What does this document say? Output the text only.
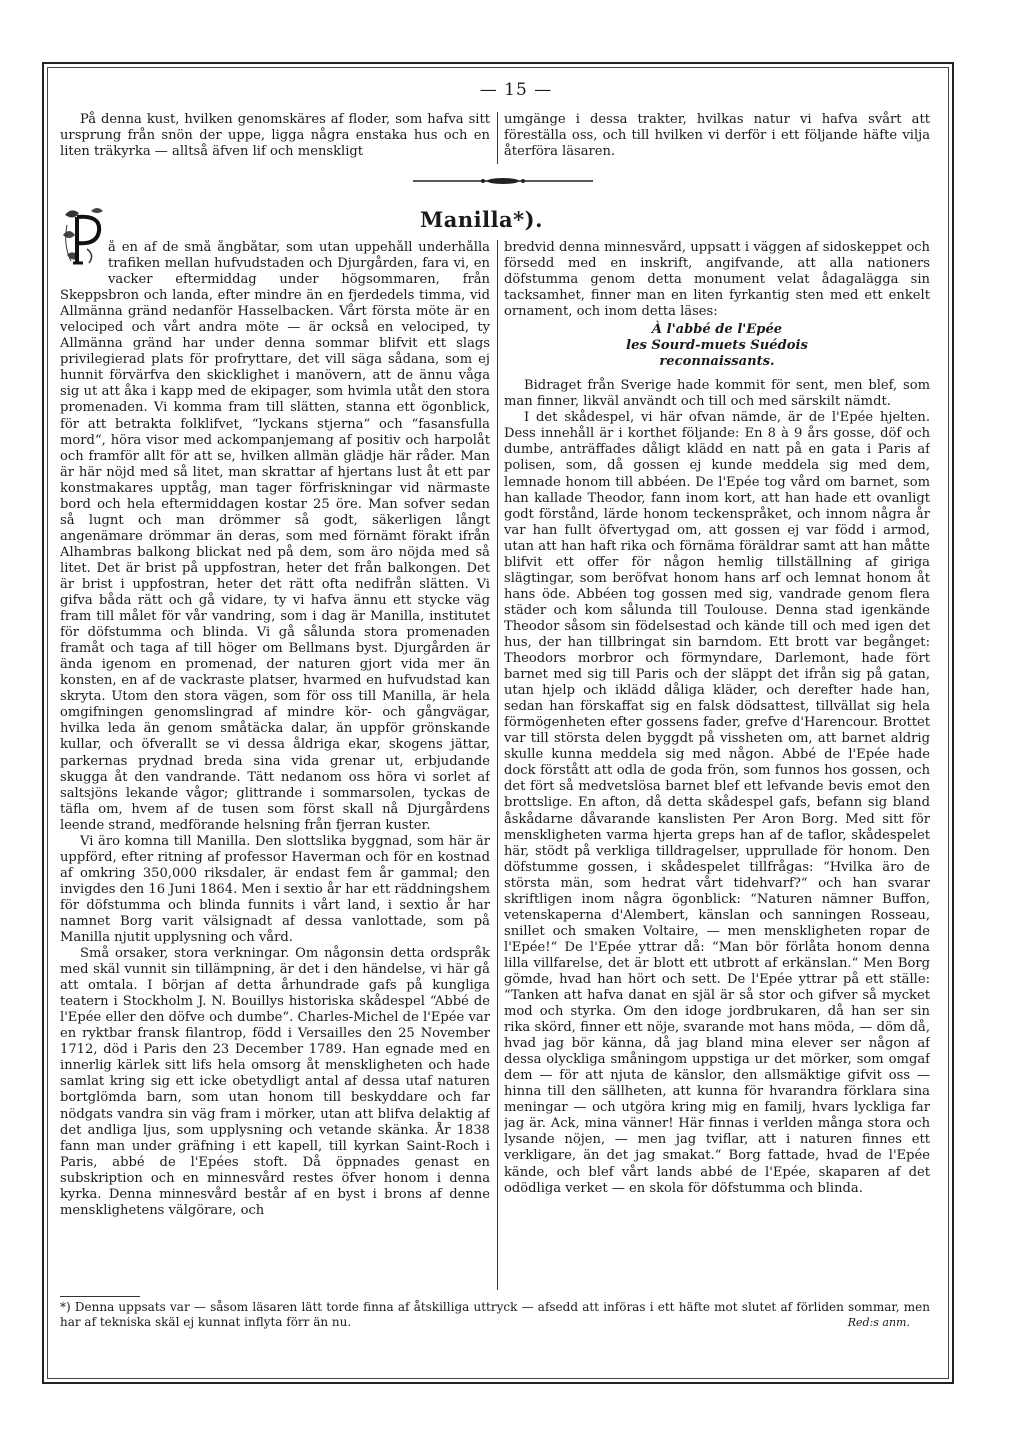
— 15 —

På denna kust, hvilken genomskäres af floder, som hafva sitt ursprung från snön der uppe, ligga några enstaka hus och en liten träkyrka — alltså äfven lif och menskligt

umgänge i dessa trakter, hvilkas natur vi hafva svårt att föreställa oss, och till hvilken vi derför i ett följande häfte vilja återföra läsaren.

Manilla*).

å en af de små ångbåtar, som utan uppehåll underhålla trafiken mellan hufvudstaden och Djurgården, fara vi, en vacker eftermiddag under högsommaren, från Skeppsbron och landa, efter mindre än en fjerdedels timma, vid Allmänna gränd nedanför Hasselbacken. Vårt första möte är en velociped och vårt andra möte — är också en velociped, ty Allmänna gränd har under denna sommar blifvit ett slags privilegierad plats för profryttare, det vill säga sådana, som ej hunnit förvärfva den skicklighet i manövern, att de ännu våga sig ut att åka i kapp med de ekipager, som hvimla utåt den stora promenaden. Vi komma fram till slätten, stanna ett ögonblick, för att betrakta folklifvet, “lyckans stjerna“ och “fasansfulla mord“, höra visor med ackompanjemang af positiv och harpolåt och framför allt för att se, hvilken allmän glädje här råder. Man är här nöjd med så litet, man skrattar af hjertans lust åt ett par konstmakares upptåg, man tager förfriskningar vid närmaste bord och hela eftermiddagen kostar 25 öre. Man sofver sedan så lugnt och man drömmer så godt, säkerligen långt angenämare drömmar än deras, som med förnämt förakt ifrån Alhambras balkong blickat ned på dem, som äro nöjda med så litet. Det är brist på uppfostran, heter det från balkongen. Det är brist i uppfostran, heter det rätt ofta nedifrån slätten. Vi gifva båda rätt och gå vidare, ty vi hafva ännu ett stycke väg fram till målet för vår vandring, som i dag är Manilla, institutet för döfstumma och blinda. Vi gå sålunda stora promenaden framåt och taga af till höger om Bellmans byst. Djurgården är ända igenom en promenad, der naturen gjort vida mer än konsten, en af de vackraste platser, hvarmed en hufvudstad kan skryta. Utom den stora vägen, som för oss till Manilla, är hela omgifningen genomslingrad af mindre kör- och gångvägar, hvilka leda än genom småtäcka dalar, än uppför grönskande kullar, och öfverallt se vi dessa åldriga ekar, skogens jättar, parkernas prydnad breda sina vida grenar ut, erbjudande skugga åt den vandrande. Tätt nedanom oss höra vi sorlet af saltsjöns lekande vågor; glittrande i sommarsolen, tyckas de täfla om, hvem af de tusen som först skall nå Djurgårdens leende strand, medförande helsning från fjerran kuster.

Vi äro komna till Manilla. Den slottslika byggnad, som här är uppförd, efter ritning af professor Haverman och för en kostnad af omkring 350,000 riksdaler, är endast fem år gammal; den invigdes den 16 Juni 1864. Men i sextio år har ett räddningshem för döfstumma och blinda funnits i vårt land, i sextio år har namnet Borg varit välsignadt af dessa vanlottade, som på Manilla njutit upplysning och vård.

Små orsaker, stora verkningar. Om någonsin detta ordspråk med skäl vunnit sin tillämpning, är det i den händelse, vi här gå att omtala. I början af detta århundrade gafs på kungliga teatern i Stockholm J. N. Bouillys historiska skådespel “Abbé de l'Epée eller den döfve och dumbe“. Charles-Michel de l'Epée var en ryktbar fransk filantrop, född i Versailles den 25 November 1712, död i Paris den 23 December 1789. Han egnade med en innerlig kärlek sitt lifs hela omsorg åt menskligheten och hade samlat kring sig ett icke obetydligt antal af dessa utaf naturen bortglömda barn, som utan honom till beskyddare och far nödgats vandra sin väg fram i mörker, utan att blifva delaktig af det andliga ljus, som upplysning och vetande skänka. År 1838 fann man under gräfning i ett kapell, till kyrkan Saint-Roch i Paris, abbé de l'Epées stoft. Då öppnades genast en subskription och en minnesvård restes öfver honom i denna kyrka. Denna minnesvård består af en byst i brons af denne mensklighetens välgörare, och

bredvid denna minnesvård, uppsatt i väggen af sidoskeppet och försedd med en inskrift, angifvande, att alla nationers döfstumma genom detta monument velat ådagalägga sin tacksamhet, finner man en liten fyrkantig sten med ett enkelt ornament, och inom detta läses:

À l'abbé de l'Epée
les Sourd-muets Suédois
reconnaissants.

Bidraget från Sverige hade kommit för sent, men blef, som man finner, likväl användt och till och med särskilt nämdt.

I det skådespel, vi här ofvan nämde, är de l'Epée hjelten. Dess innehåll är i korthet följande: En 8 à 9 års gosse, döf och dumbe, anträffades dåligt klädd en natt på en gata i Paris af polisen, som, då gossen ej kunde meddela sig med dem, lemnade honom till abbéen. De l'Epée tog vård om barnet, som han kallade Theodor, fann inom kort, att han hade ett ovanligt godt förstånd, lärde honom teckenspråket, och innom några år var han fullt öfvertygad om, att gossen ej var född i armod, utan att han haft rika och förnäma föräldrar samt att han måtte blifvit ett offer för någon hemlig tillställning af giriga slägtingar, som beröfvat honom hans arf och lemnat honom åt hans öde. Abbéen tog gossen med sig, vandrade genom flera städer och kom sålunda till Toulouse. Denna stad igenkände Theodor såsom sin födelsestad och kände till och med igen det hus, der han tillbringat sin barndom. Ett brott var begånget: Theodors morbror och förmyndare, Darlemont, hade fört barnet med sig till Paris och der släppt det ifrån sig på gatan, utan hjelp och iklädd dåliga kläder, och derefter hade han, sedan han förskaffat sig en falsk dödsattest, tillvällat sig hela förmögenheten efter gossens fader, grefve d'Harencour. Brottet var till största delen byggdt på vissheten om, att barnet aldrig skulle kunna meddela sig med någon. Abbé de l'Epée hade dock förstått att odla de goda frön, som funnos hos gossen, och det fört så medvetslösa barnet blef ett lefvande bevis emot den brottslige. En afton, då detta skådespel gafs, befann sig bland åskådarne dåvarande kanslisten Per Aron Borg. Med sitt för menskligheten varma hjerta greps han af de taflor, skådespelet här, stödt på verkliga tilldragelser, upprullade för honom. Den döfstumme gossen, i skådespelet tillfrågas: “Hvilka äro de största män, som hedrat vårt tidehvarf?“ och han svarar skriftligen inom några ögonblick: “Naturen nämner Buffon, vetenskaperna d'Alembert, känslan och sanningen Rosseau, snillet och smaken Voltaire, — men menskligheten ropar de l'Epée!“ De l'Epée yttrar då: “Man bör förlåta honom denna lilla villfarelse, det är blott ett utbrott af erkänslan.“ Men Borg gömde, hvad han hört och sett. De l'Epée yttrar på ett ställe: “Tanken att hafva danat en själ är så stor och gifver så mycket mod och styrka. Om den idoge jordbrukaren, då han ser sin rika skörd, finner ett nöje, svarande mot hans möda, — döm då, hvad jag bör känna, då jag bland mina elever ser någon af dessa olyckliga småningom uppstiga ur det mörker, som omgaf dem — för att njuta de känslor, den allsmäktige gifvit oss — hinna till den sällheten, att kunna för hvarandra förklara sina meningar — och utgöra kring mig en familj, hvars lyckliga far jag är. Ack, mina vänner! Här finnas i verlden många stora och lysande nöjen, — men jag tviflar, att i naturen finnes ett verkligare, än det jag smakat.“ Borg fattade, hvad de l'Epée kände, och blef vårt lands abbé de l'Epée, skaparen af det odödliga verket — en skola för döfstumma och blinda.

*) Denna uppsats var — såsom läsaren lätt torde finna af åtskilliga uttryck — afsedd att införas i ett häfte mot slutet af förliden sommar, men har af tekniska skäl ej kunnat inflyta förr än nu.	Red:s anm.
